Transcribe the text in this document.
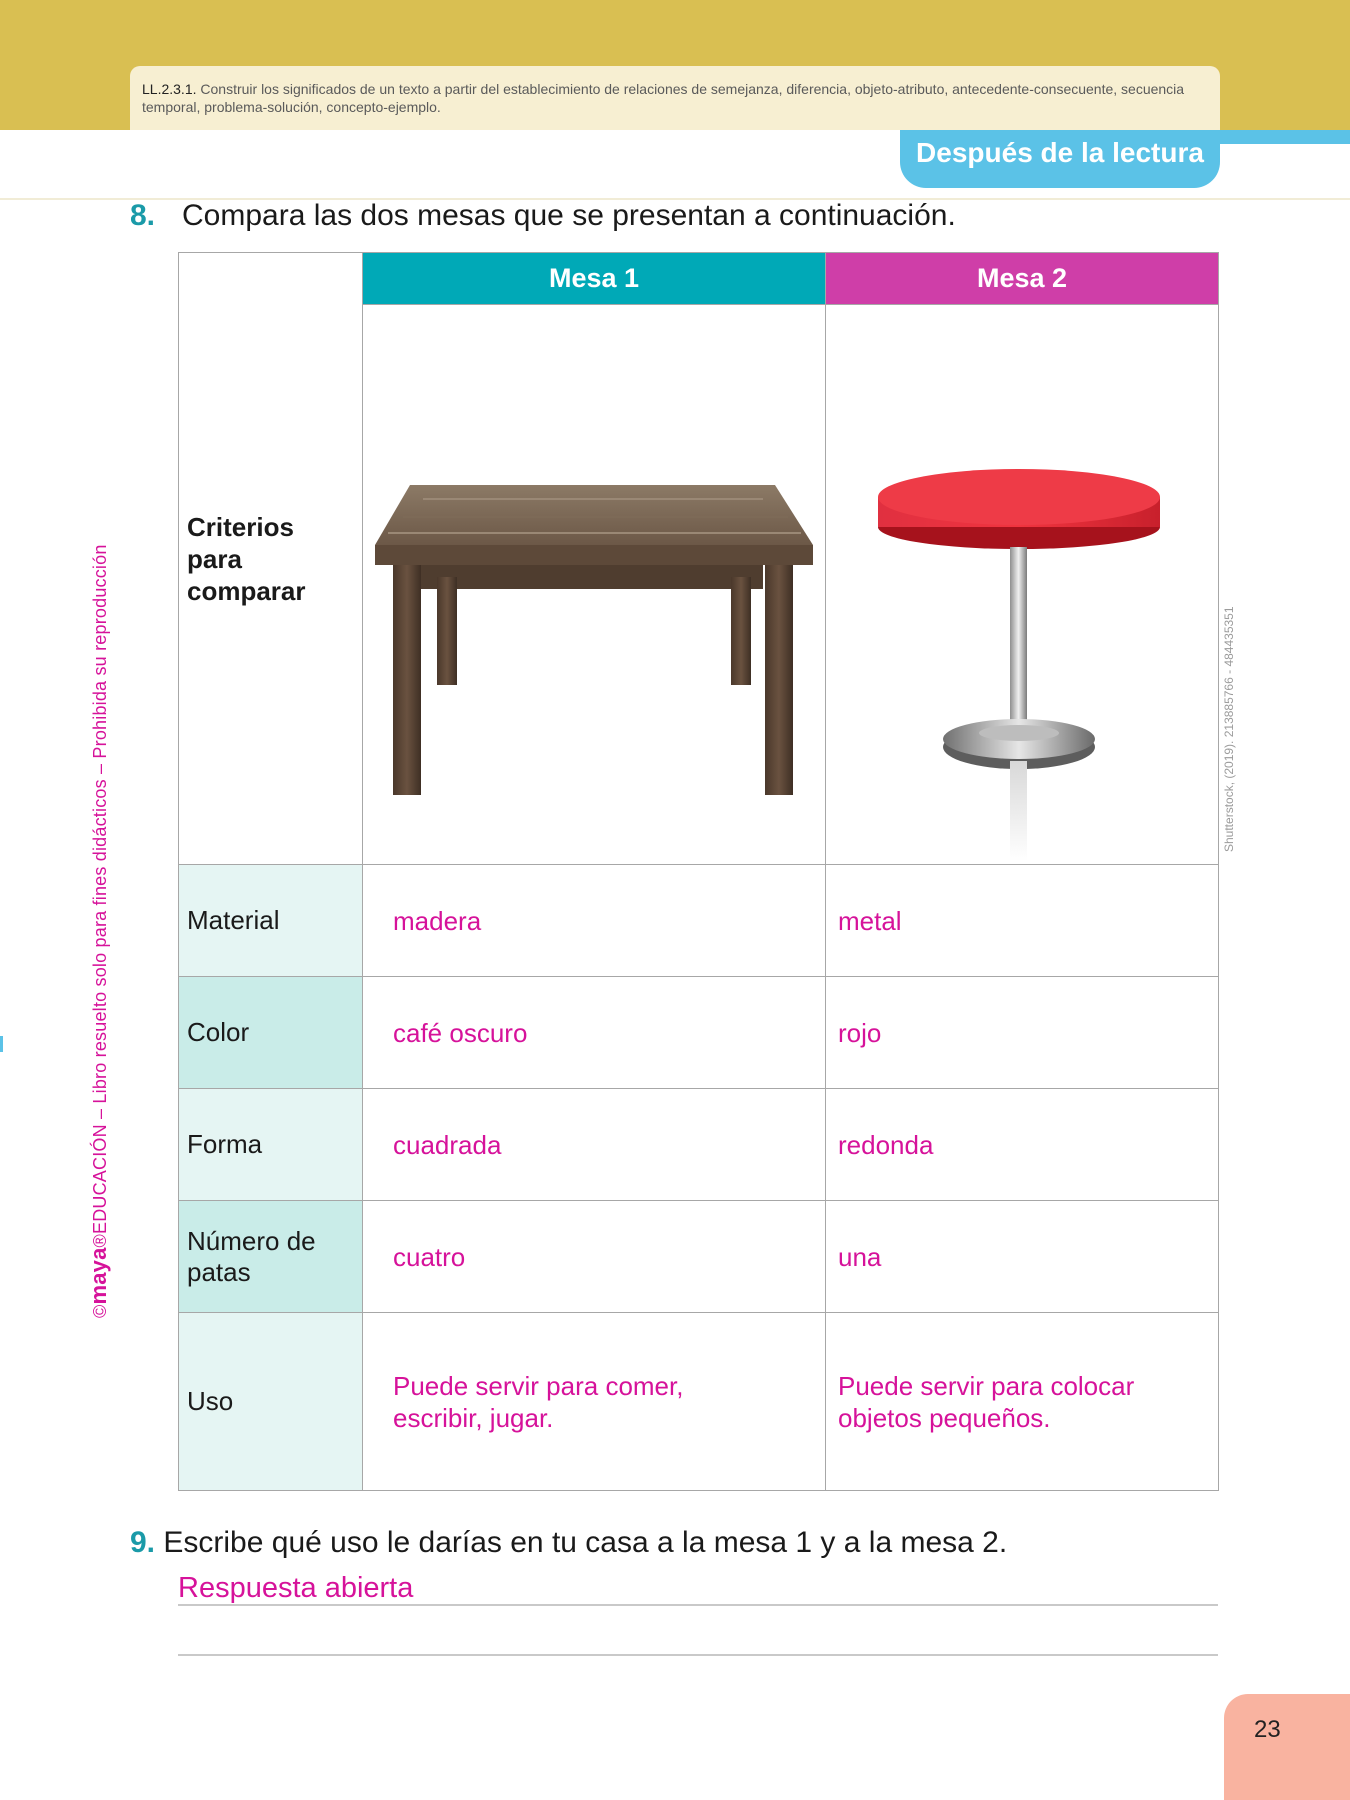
LL.2.3.1. Construir los significados de un texto a partir del establecimiento de relaciones de semejanza, diferencia, objeto-atributo, antecedente-consecuente, secuencia temporal, problema-solución, concepto-ejemplo.
Después de la lectura
8. Compara las dos mesas que se presentan a continuación.
Criterios para comparar	Mesa 1	Mesa 2

Material	madera	metal
Color	café oscuro	rojo
Forma	cuadrada	redonda

Número de patas	cuatro	una
Uso	Puede servir para comer, escribir, jugar.	Puede servir para colocar objetos pequeños.
Shutterstock, (2019). 213885766 - 484435351
©maya®EDUCACIÓN – Libro resuelto solo para fines didácticos – Prohibida su reproducción
9. Escribe qué uso le darías en tu casa a la mesa 1 y a la mesa 2.
Respuesta abierta
23
